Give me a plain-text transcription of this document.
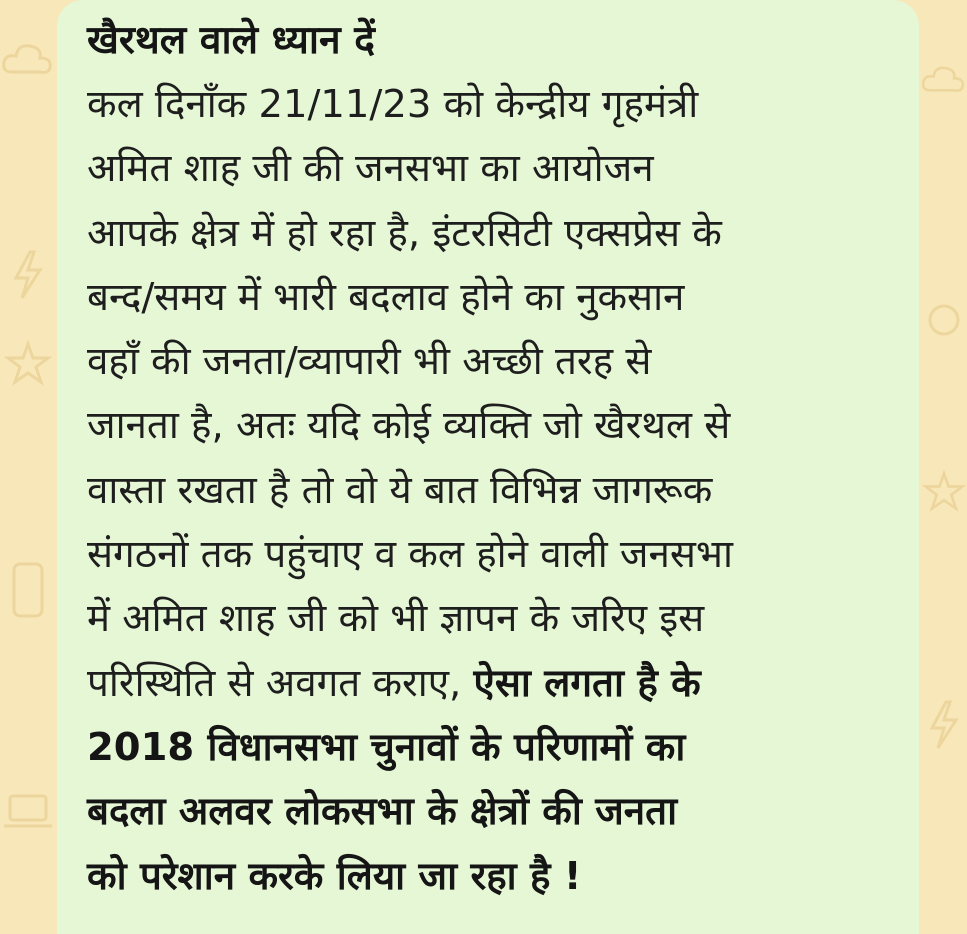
खैरथल वाले ध्यान दें

कल दिनाँक 21/11/23 को केन्द्रीय गृहमंत्री

अमित शाह जी की जनसभा का आयोजन

आपके क्षेत्र में हो रहा है, इंटरसिटी एक्सप्रेस के

बन्द/समय में भारी बदलाव होने का नुकसान

वहाँ की जनता/व्यापारी भी अच्छी तरह से

जानता है, अतः यदि कोई व्यक्ति जो खैरथल से

वास्ता रखता है तो वो ये बात विभिन्न जागरूक

संगठनों तक पहुंचाए व कल होने वाली जनसभा

में अमित शाह जी को भी ज्ञापन के जरिए इस

परिस्थिति से अवगत कराए, ऐसा लगता है के

2018 विधानसभा चुनावों के परिणामों का

बदला अलवर लोकसभा के क्षेत्रों की जनता

को परेशान करके लिया जा रहा है !
